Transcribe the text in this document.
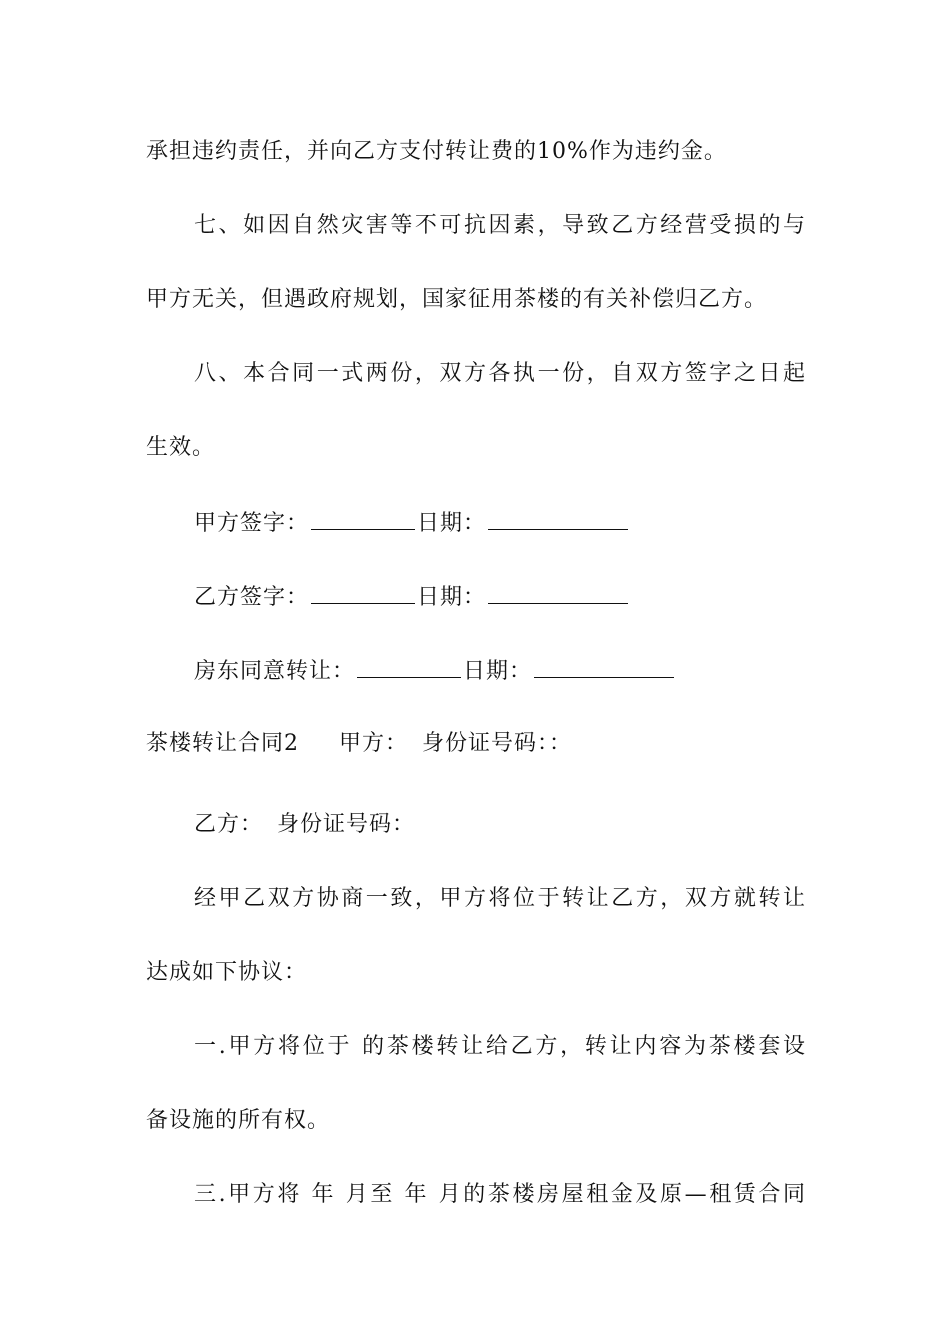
承担违约责任，并向乙方支付转让费的10%作为违约金。
七、如因自然灾害等不可抗因素，导致乙方经营受损的与
甲方无关，但遇政府规划，国家征用茶楼的有关补偿归乙方。
八、本合同一式两份，双方各执一份，自双方签字之日起
生效。
甲方签字：	日期：
乙方签字：	日期：
房东同意转让：	日期：
茶楼转让合同2 甲方： 身份证号码：：
乙方： 身份证号码：
经甲乙双方协商一致，甲方将位于转让乙方，双方就转让
达成如下协议：
一.甲方将位于 的茶楼转让给乙方，转让内容为茶楼套设
备设施的所有权。
三.甲方将 年 月至 年 月的茶楼房屋租金及原—租赁合同
